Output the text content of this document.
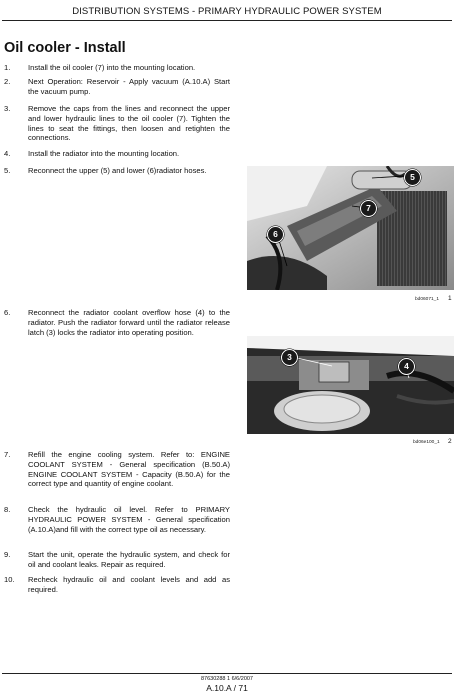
DISTRIBUTION SYSTEMS - PRIMARY HYDRAULIC POWER SYSTEM
Oil cooler - Install
1.	Install the oil cooler (7) into the mounting location.
2.	Next Operation: Reservoir - Apply vacuum (A.10.A) Start the vacuum pump.
3.	Remove the caps from the lines and reconnect the upper and lower hydraulic lines to the oil cooler (7). Tighten the lines to seat the fittings, then loosen and retighten the connections.
4.	Install the radiator into the mounting location.
5.	Reconnect the upper (5) and lower (6)radiator hoses.
6.	Reconnect the radiator coolant overflow hose (4) to the radiator. Push the radiator forward until the radiator release latch (3) locks the radiator into operating position.
7.	Refill the engine cooling system. Refer to: ENGINE COOLANT SYSTEM - General specification (B.50.A) ENGINE COOLANT SYSTEM - Capacity (B.50.A) for the correct type and quantity of engine coolant.
8.	Check the hydraulic oil level. Refer to PRIMARY HYDRAULIC POWER SYSTEM - General specification (A.10.A)and fill with the correct type oil as necessary.
9.	Start the unit, operate the hydraulic system, and check for oil and coolant leaks. Repair as required.
10.	Recheck hydraulic oil and coolant levels and add as required.
5
7
6
bd06071_1 1
3
4
bd06e100_1 2
87630288 1 6/6/2007
A.10.A / 71
